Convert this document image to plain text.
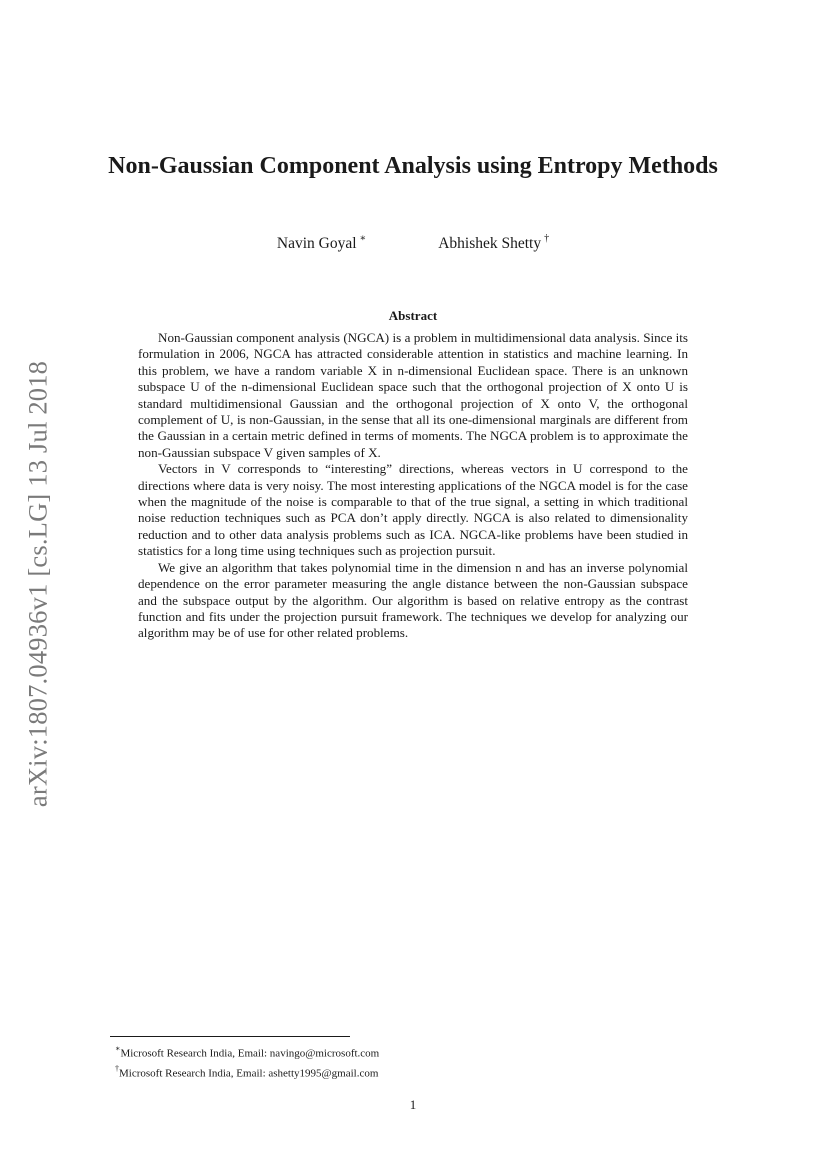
arXiv:1807.04936v1 [cs.LG] 13 Jul 2018
Non-Gaussian Component Analysis using Entropy Methods
Navin Goyal ∗	Abhishek Shetty †
Abstract

Non-Gaussian component analysis (NGCA) is a problem in multidimensional data analysis. Since its formulation in 2006, NGCA has attracted considerable attention in statistics and machine learning. In this problem, we have a random variable X in n-dimensional Euclidean space. There is an unknown subspace U of the n-dimensional Euclidean space such that the orthogonal projection of X onto U is standard multidimensional Gaussian and the orthogonal projection of X onto V, the orthogonal complement of U, is non-Gaussian, in the sense that all its one-dimensional marginals are different from the Gaussian in a certain metric defined in terms of moments. The NGCA problem is to approximate the non-Gaussian subspace V given samples of X.

Vectors in V corresponds to “interesting” directions, whereas vectors in U correspond to the directions where data is very noisy. The most interesting applications of the NGCA model is for the case when the magnitude of the noise is comparable to that of the true signal, a setting in which traditional noise reduction techniques such as PCA don’t apply directly. NGCA is also related to dimensionality reduction and to other data analysis problems such as ICA. NGCA-like problems have been studied in statistics for a long time using techniques such as projection pursuit.

We give an algorithm that takes polynomial time in the dimension n and has an inverse polynomial dependence on the error parameter measuring the angle distance between the non-Gaussian subspace and the subspace output by the algorithm. Our algorithm is based on relative entropy as the contrast function and fits under the projection pursuit framework. The techniques we develop for analyzing our algorithm may be of use for other related problems.

∗Microsoft Research India, Email: navingo@microsoft.com
†Microsoft Research India, Email: ashetty1995@gmail.com
1
